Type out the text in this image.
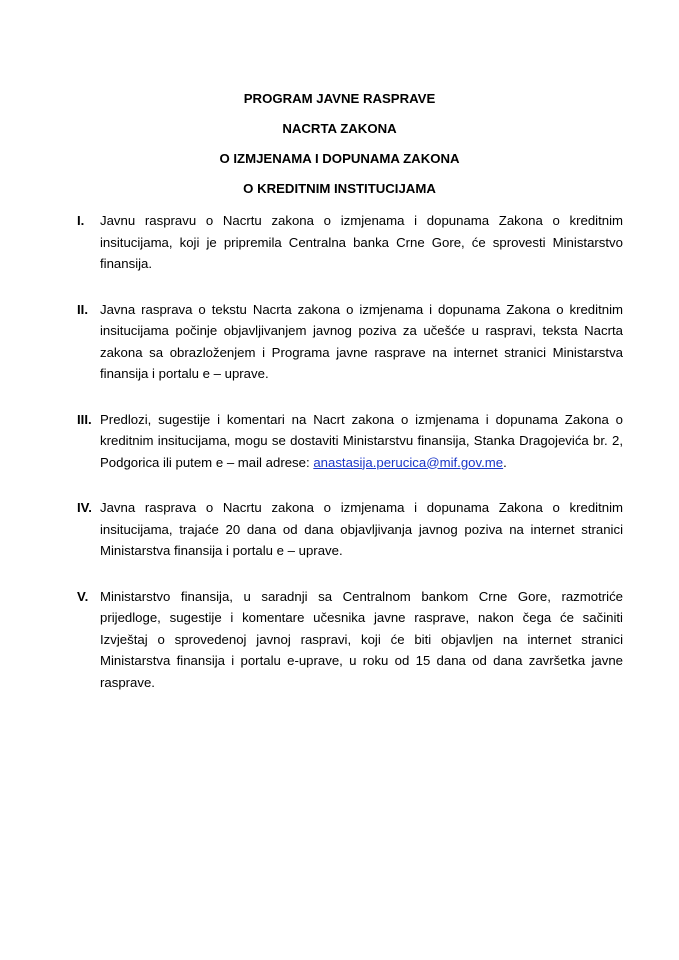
PROGRAM JAVNE RASPRAVE
NACRTA ZAKONA
O IZMJENAMA I DOPUNAMA ZAKONA
O KREDITNIM INSTITUCIJAMA
I. Javnu raspravu o Nacrtu zakona o izmjenama i dopunama Zakona o kreditnim insitucijama, koji je pripremila Centralna banka Crne Gore, će sprovesti Ministarstvo finansija.
II. Javna rasprava o tekstu Nacrta zakona o izmjenama i dopunama Zakona o kreditnim insitucijama počinje objavljivanjem javnog poziva za učešće u raspravi, teksta Nacrta zakona sa obrazloženjem i Programa javne rasprave na internet stranici Ministarstva finansija i portalu e – uprave.
III. Predlozi, sugestije i komentari na Nacrt zakona o izmjenama i dopunama Zakona o kreditnim insitucijama, mogu se dostaviti Ministarstvu finansija, Stanka Dragojevića br. 2, Podgorica ili putem e – mail adrese: anastasija.perucica@mif.gov.me.
IV. Javna rasprava o Nacrtu zakona o izmjenama i dopunama Zakona o kreditnim insitucijama, trajaće 20 dana od dana objavljivanja javnog poziva na internet stranici Ministarstva finansija i portalu e – uprave.
V. Ministarstvo finansija, u saradnji sa Centralnom bankom Crne Gore, razmotriće prijedloge, sugestije i komentare učesnika javne rasprave, nakon čega će sačiniti Izvještaj o sprovedenoj javnoj raspravi, koji će biti objavljen na internet stranici Ministarstva finansija i portalu e-uprave, u roku od 15 dana od dana završetka javne rasprave.
